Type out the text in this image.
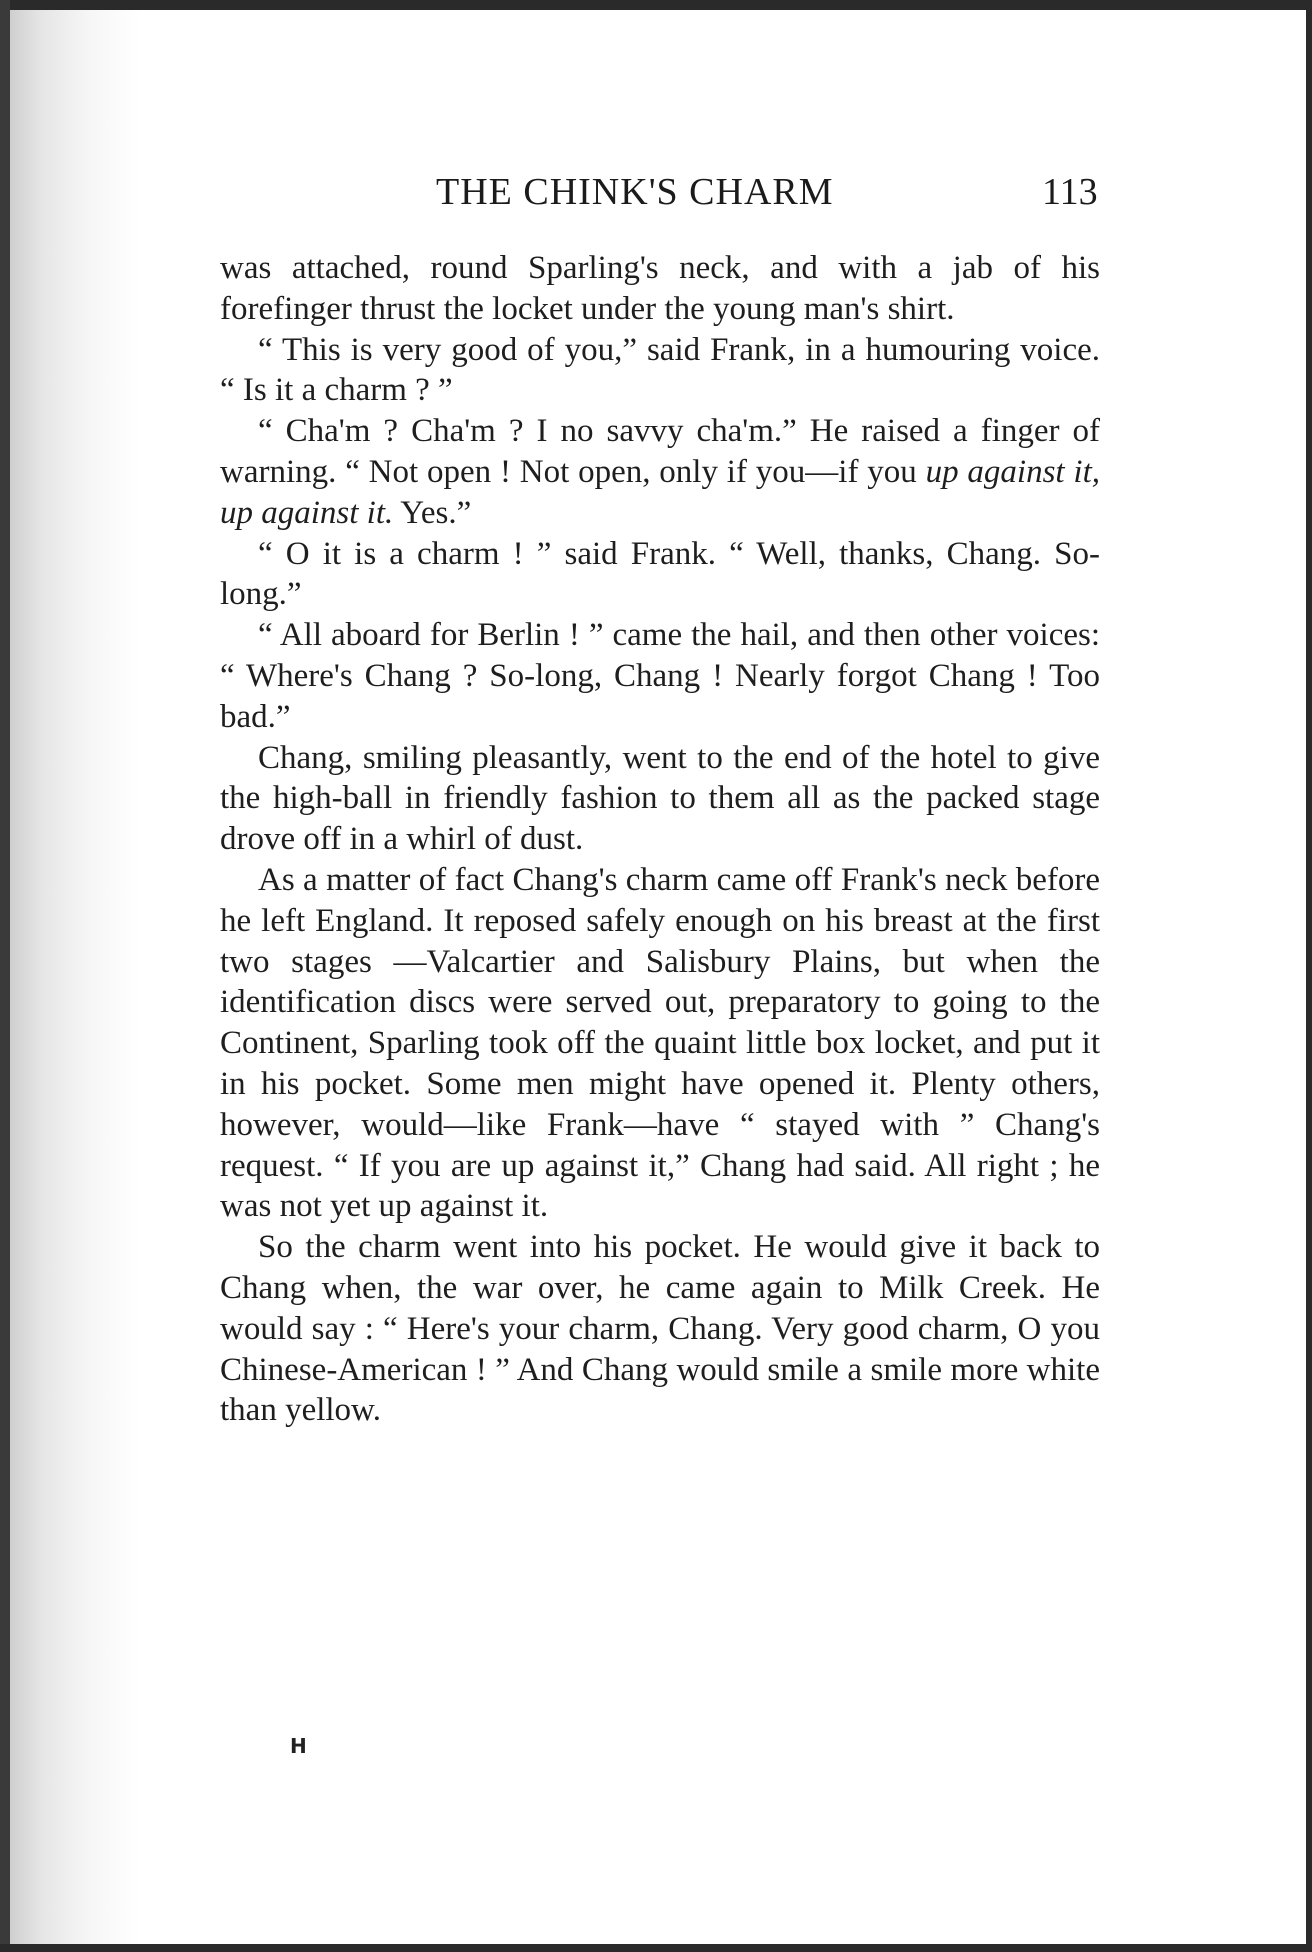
THE CHINK'S CHARM	113

was attached, round Sparling's neck, and with a jab of his forefinger thrust the locket under the young man's shirt.

“ This is very good of you,” said Frank, in a humouring voice. “ Is it a charm ? ”

“ Cha'm ? Cha'm ? I no savvy cha'm.” He raised a finger of warning. “ Not open ! Not open, only if you—if you up against it, up against it. Yes.”

“ O it is a charm ! ” said Frank. “ Well, thanks, Chang. So-long.”

“ All aboard for Berlin ! ” came the hail, and then other voices: “ Where's Chang ? So-long, Chang ! Nearly forgot Chang ! Too bad.”

Chang, smiling pleasantly, went to the end of the hotel to give the high-ball in friendly fashion to them all as the packed stage drove off in a whirl of dust.

As a matter of fact Chang's charm came off Frank's neck before he left England. It reposed safely enough on his breast at the first two stages —Valcartier and Salisbury Plains, but when the identification discs were served out, preparatory to going to the Continent, Sparling took off the quaint little box locket, and put it in his pocket. Some men might have opened it. Plenty others, however, would—like Frank—have “ stayed with ” Chang's request. “ If you are up against it,” Chang had said. All right ; he was not yet up against it.

So the charm went into his pocket. He would give it back to Chang when, the war over, he came again to Milk Creek. He would say : “ Here's your charm, Chang. Very good charm, O you Chinese-American ! ” And Chang would smile a smile more white than yellow.

H
